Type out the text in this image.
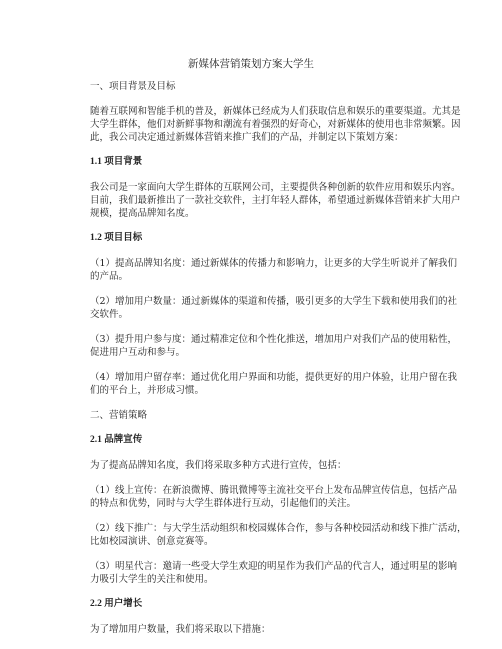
新媒体营销策划方案大学生
一、项目背景及目标
随着互联网和智能手机的普及，新媒体已经成为人们获取信息和娱乐的重要渠道。尤其是
大学生群体，他们对新鲜事物和潮流有着强烈的好奇心，对新媒体的使用也非常频繁。因
此，我公司决定通过新媒体营销来推广我们的产品，并制定以下策划方案：
1.1 项目背景
我公司是一家面向大学生群体的互联网公司，主要提供各种创新的软件应用和娱乐内容。
目前，我们最新推出了一款社交软件，主打年轻人群体，希望通过新媒体营销来扩大用户
规模，提高品牌知名度。
1.2 项目目标
（1）提高品牌知名度：通过新媒体的传播力和影响力，让更多的大学生听说并了解我们
的产品。
（2）增加用户数量：通过新媒体的渠道和传播，吸引更多的大学生下载和使用我们的社
交软件。
（3）提升用户参与度：通过精准定位和个性化推送，增加用户对我们产品的使用粘性，
促进用户互动和参与。
（4）增加用户留存率：通过优化用户界面和功能，提供更好的用户体验，让用户留在我
们的平台上，并形成习惯。
二、营销策略
2.1 品牌宣传
为了提高品牌知名度，我们将采取多种方式进行宣传，包括：
（1）线上宣传：在新浪微博、腾讯微博等主流社交平台上发布品牌宣传信息，包括产品
的特点和优势，同时与大学生群体进行互动，引起他们的关注。
（2）线下推广：与大学生活动组织和校园媒体合作，参与各种校园活动和线下推广活动，
比如校园演讲、创意竞赛等。
（3）明星代言：邀请一些受大学生欢迎的明星作为我们产品的代言人，通过明星的影响
力吸引大学生的关注和使用。
2.2 用户增长
为了增加用户数量，我们将采取以下措施：
